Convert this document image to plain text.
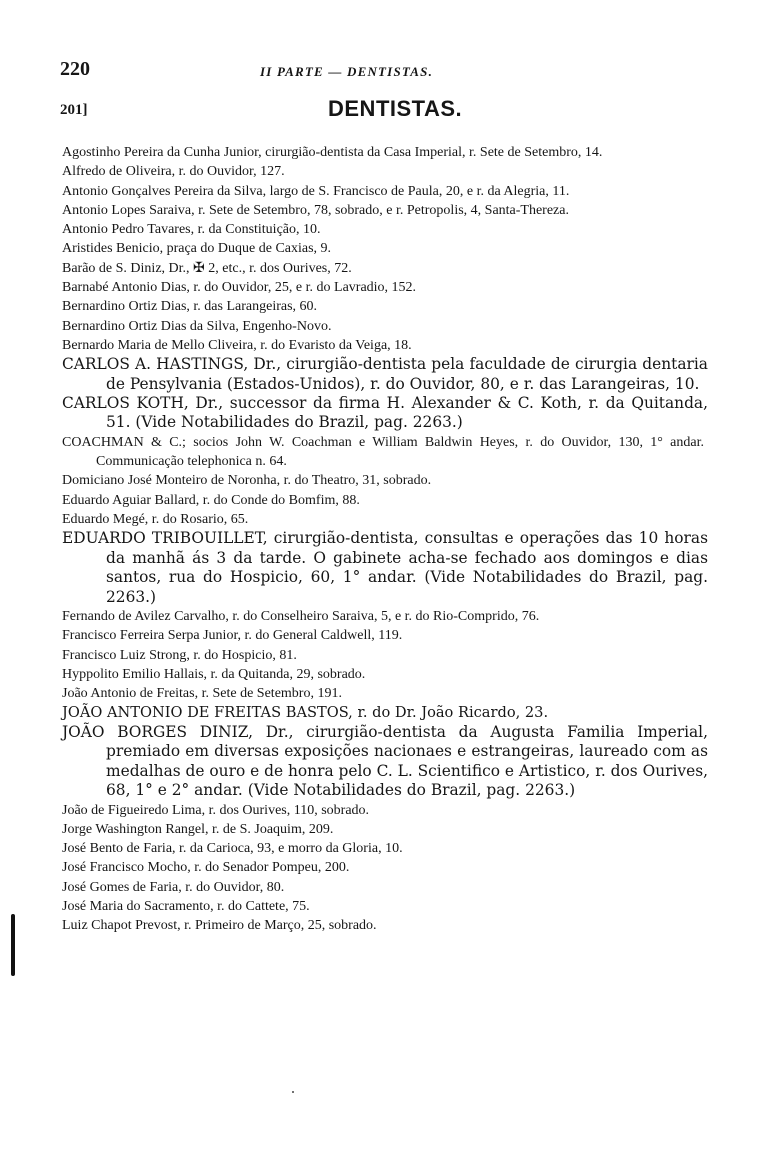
220	II PARTE — DENTISTAS.
201]	DENTISTAS.

Agostinho Pereira da Cunha Junior, cirurgião-dentista da Casa Imperial, r. Sete de Setembro, 14.

Alfredo de Oliveira, r. do Ouvidor, 127.

Antonio Gonçalves Pereira da Silva, largo de S. Francisco de Paula, 20, e r. da Alegria, 11.

Antonio Lopes Saraiva, r. Sete de Setembro, 78, sobrado, e r. Petropolis, 4, Santa-Thereza.

Antonio Pedro Tavares, r. da Constituição, 10.

Aristides Benicio, praça do Duque de Caxias, 9.

Barão de S. Diniz, Dr., ✠ 2, etc., r. dos Ourives, 72.

Barnabé Antonio Dias, r. do Ouvidor, 25, e r. do Lavradio, 152.

Bernardino Ortiz Dias, r. das Larangeiras, 60.

Bernardino Ortiz Dias da Silva, Engenho-Novo.

Bernardo Maria de Mello Cliveira, r. do Evaristo da Veiga, 18.

CARLOS A. HASTINGS, Dr., cirurgião-dentista pela faculdade de cirurgia dentaria de Pensylvania (Estados-Unidos), r. do Ouvidor, 80, e r. das Larangeiras, 10.

CARLOS KOTH, Dr., successor da firma H. Alexander & C. Koth, r. da Quitanda, 51. (Vide Notabilidades do Brazil, pag. 2263.)

COACHMAN & C.; socios John W. Coachman e William Baldwin Heyes, r. do Ouvidor, 130, 1° andar. Communicação telephonica n. 64.

Domiciano José Monteiro de Noronha, r. do Theatro, 31, sobrado.

Eduardo Aguiar Ballard, r. do Conde do Bomfim, 88.

Eduardo Megé, r. do Rosario, 65.

EDUARDO TRIBOUILLET, cirurgião-dentista, consultas e operações das 10 horas da manhã ás 3 da tarde. O gabinete acha-se fechado aos domingos e dias santos, rua do Hospicio, 60, 1° andar. (Vide Notabilidades do Brazil, pag. 2263.)

Fernando de Avilez Carvalho, r. do Conselheiro Saraiva, 5, e r. do Rio-Comprido, 76.

Francisco Ferreira Serpa Junior, r. do General Caldwell, 119.

Francisco Luiz Strong, r. do Hospicio, 81.

Hyppolito Emilio Hallais, r. da Quitanda, 29, sobrado.

João Antonio de Freitas, r. Sete de Setembro, 191.

JOÃO ANTONIO DE FREITAS BASTOS, r. do Dr. João Ricardo, 23.

JOÃO BORGES DINIZ, Dr., cirurgião-dentista da Augusta Familia Imperial, premiado em diversas exposições nacionaes e estrangeiras, laureado com as medalhas de ouro e de honra pelo C. L. Scientifico e Artistico, r. dos Ourives, 68, 1° e 2° andar. (Vide Notabilidades do Brazil, pag. 2263.)

João de Figueiredo Lima, r. dos Ourives, 110, sobrado.

Jorge Washington Rangel, r. de S. Joaquim, 209.

José Bento de Faria, r. da Carioca, 93, e morro da Gloria, 10.

José Francisco Mocho, r. do Senador Pompeu, 200.

José Gomes de Faria, r. do Ouvidor, 80.

José Maria do Sacramento, r. do Cattete, 75.

Luiz Chapot Prevost, r. Primeiro de Março, 25, sobrado.
